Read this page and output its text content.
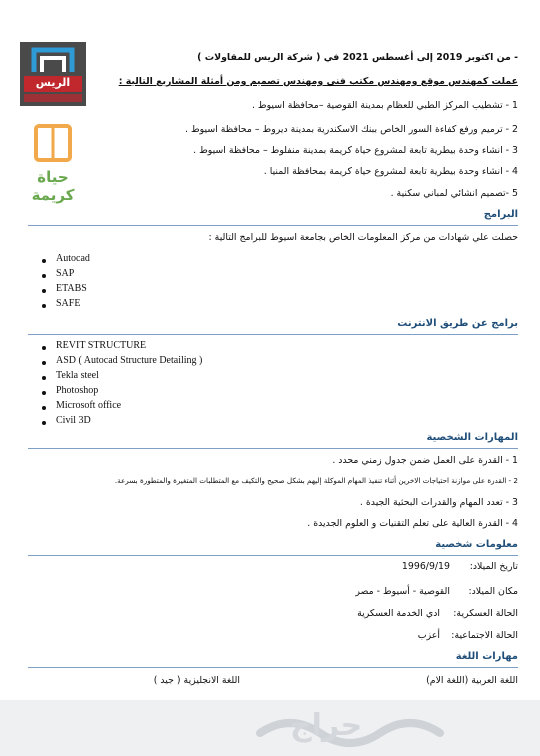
الريس
حياة
كريمة
- من اكتوبر 2019 إلى أغسطس 2021 في ( شركة الريس للمقاولات )
عملت كمهندس موقع ومهندس مكتب فني ومهندس تصميم ومن أمثلة المشاريع التالية :
1 - تشطيب المركز الطبي للعظام بمدينة القوصية –محافظة اسيوط .
2 - ترميم ورفع كفاءة السور الخاص ببنك الاسكندرية بمدينة ديروط – محافظة اسيوط .
3 - انشاء وحدة بيطرية تابعة لمشروع حياة كريمة بمدينة منفلوط – محافظة اسيوط .
4 - انشاء وحدة بيطرية تابعة لمشروع حياة كريمة بمحافظة المنيا .
5 -تصميم انشائي لمباني سكنية .
البرامج
حصلت علي شهادات من مركز المعلومات الخاص بجامعة اسيوط للبرامج التالية :
Autocad
SAP
ETABS
SAFE
برامج عن طريق الانترنت
REVIT STRUCTURE
ASD ( Autocad Structure Detailing )
Tekla steel
Photoshop
Microsoft office
Civil 3D
المهارات الشخصية
1 - القدرة على العمل ضمن جدول زمني محدد .
2 - القدرة على موازنة احتياجات الاخرين أثناء تنفيذ المهام الموكلة إليهم بشكل صحيح والتكيف مع المتطلبات المتغيرة والمتطورة بسرعة.
3 - تعدد المهام والقدرات البحثية الجيدة .
4 - القدرة العالية على تعلم التقنيات و العلوم الجديدة .
معلومات شخصية
تاريخ الميلاد:
1996/9/19
مكان الميلاد:
القوصية - أسيوط - مصر
الحالة العسكرية:
ادي الخدمة العسكرية
الحالة الاجتماعية:
أعزب
مهارات اللغة
اللغة العربية (اللغة الام)
اللغة الانجليزية ( جيد )
حراج
